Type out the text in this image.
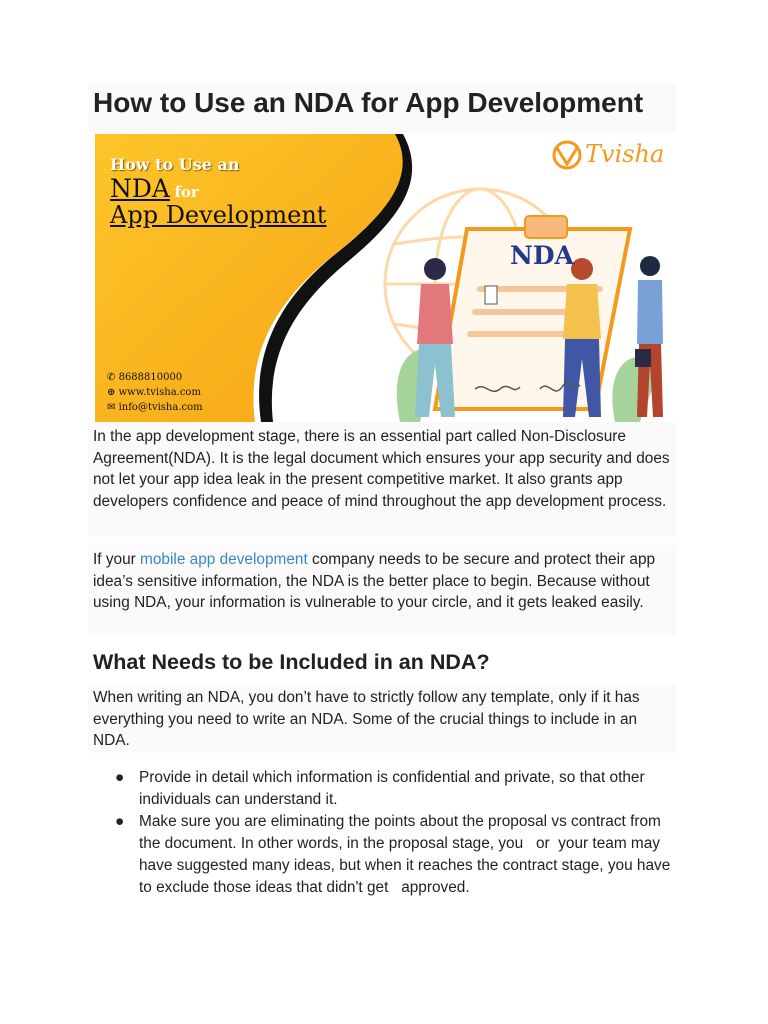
How to Use an NDA for App Development
How to Use an
NDA for
App Development
Tvisha
NDA
✆ 8688810000
⊕ www.tvisha.com
✉ info@tvisha.com
In the app development stage, there is an essential part called Non-Disclosure Agreement(NDA). It is the legal document which ensures your app security and does not let your app idea leak in the present competitive market. It also grants app developers confidence and peace of mind throughout the app development process.
If your mobile app development company needs to be secure and protect their app idea’s sensitive information, the NDA is the better place to begin. Because without using NDA, your information is vulnerable to your circle, and it gets leaked easily.
What Needs to be Included in an NDA?
When writing an NDA, you don’t have to strictly follow any template, only if it has everything you need to write an NDA. Some of the crucial things to include in an NDA.
● Provide in detail which information is confidential and private, so that other individuals can understand it.
● Make sure you are eliminating the points about the proposal vs contract from the document. In other words, in the proposal stage, you   or  your team may have suggested many ideas, but when it reaches the contract stage, you have to exclude those ideas that didn't get   approved.
